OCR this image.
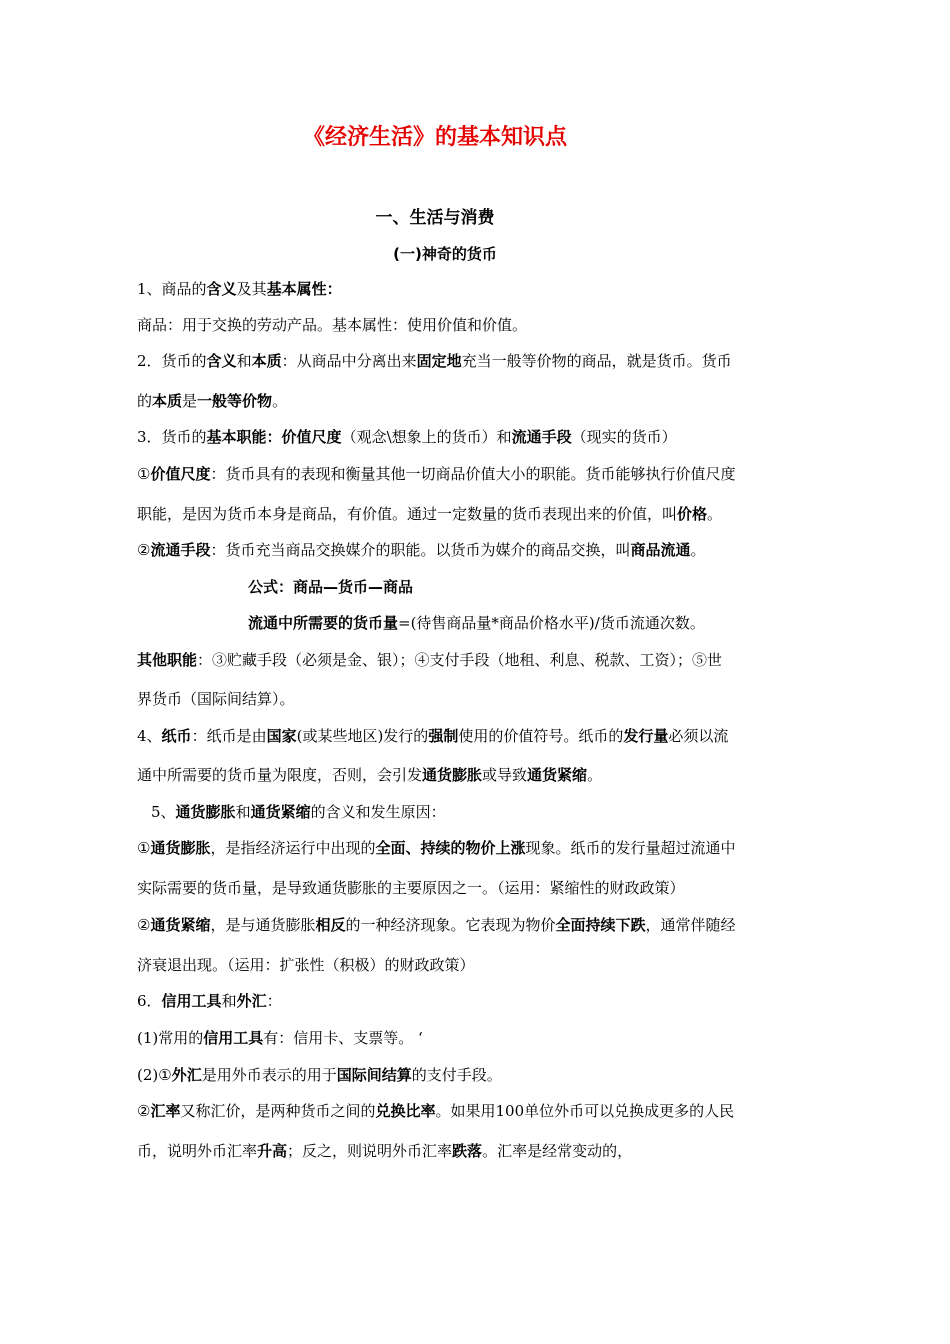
《经济生活》的基本知识点
一、生活与消费
(一)神奇的货币
1、商品的含义及其基本属性：
商品：用于交换的劳动产品。基本属性：使用价值和价值。
2．货币的含义和本质：从商品中分离出来固定地充当一般等价物的商品，就是货币。货币
的本质是一般等价物。
3．货币的基本职能：价值尺度（观念\想象上的货币）和流通手段（现实的货币）
①价值尺度：货币具有的表现和衡量其他一切商品价值大小的职能。货币能够执行价值尺度
职能，是因为货币本身是商品，有价值。通过一定数量的货币表现出来的价值，叫价格。
②流通手段：货币充当商品交换媒介的职能。以货币为媒介的商品交换，叫商品流通。
公式：商品—货币—商品
流通中所需要的货币量=(待售商品量*商品价格水平)/货币流通次数。
其他职能：③贮藏手段（必须是金、银）；④支付手段（地租、利息、税款、工资）；⑤世
界货币（国际间结算）。
4、纸币：纸币是由国家(或某些地区)发行的强制使用的价值符号。纸币的发行量必须以流
通中所需要的货币量为限度，否则，会引发通货膨胀或导致通货紧缩。
5、通货膨胀和通货紧缩的含义和发生原因：
①通货膨胀，是指经济运行中出现的全面、持续的物价上涨现象。纸币的发行量超过流通中
实际需要的货币量，是导致通货膨胀的主要原因之一。（运用：紧缩性的财政政策）
②通货紧缩，是与通货膨胀相反的一种经济现象。它表现为物价全面持续下跌，通常伴随经
济衰退出现。（运用：扩张性（积极）的财政政策）
6．信用工具和外汇：
(1)常用的信用工具有：信用卡、支票等。 ‘
(2)①外汇是用外币表示的用于国际间结算的支付手段。
②汇率又称汇价，是两种货币之间的兑换比率。如果用100单位外币可以兑换成更多的人民
币，说明外币汇率升高；反之，则说明外币汇率跌落。汇率是经常变动的，
